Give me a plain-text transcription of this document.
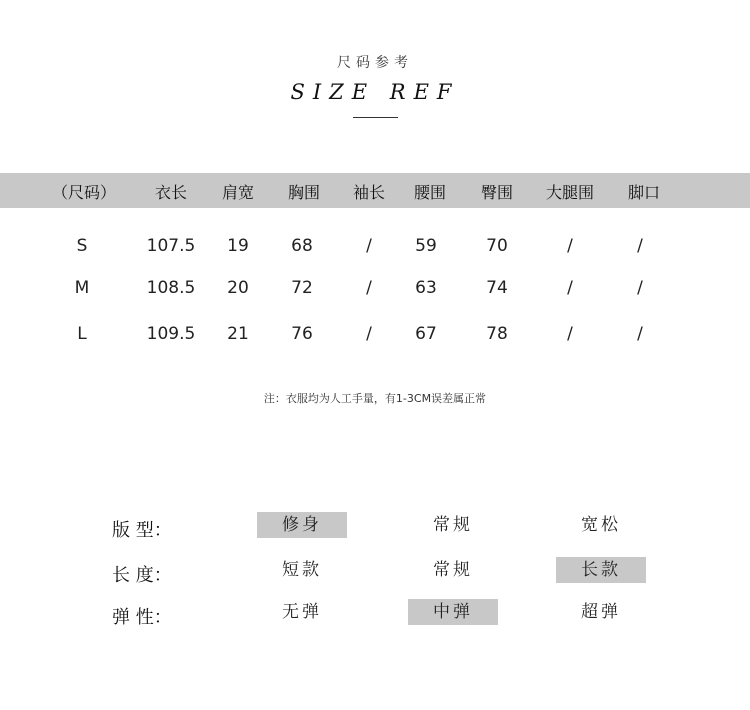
尺码参考
SIZE REF
（尺码） 衣长 肩宽 胸围 袖长 腰围 臀围 大腿围 脚口
S	107.5 19 68	/	59	70	/	/
M	108.5 20 72	/	63	74	/	/
L	109.5 21 76	/	67	78	/	/
注：衣服均为人工手量，有1-3CM误差属正常
版 型：	修身	常规	宽松
长 度：	短款	常规	长款
弹 性：	无弹	中弹	超弹
